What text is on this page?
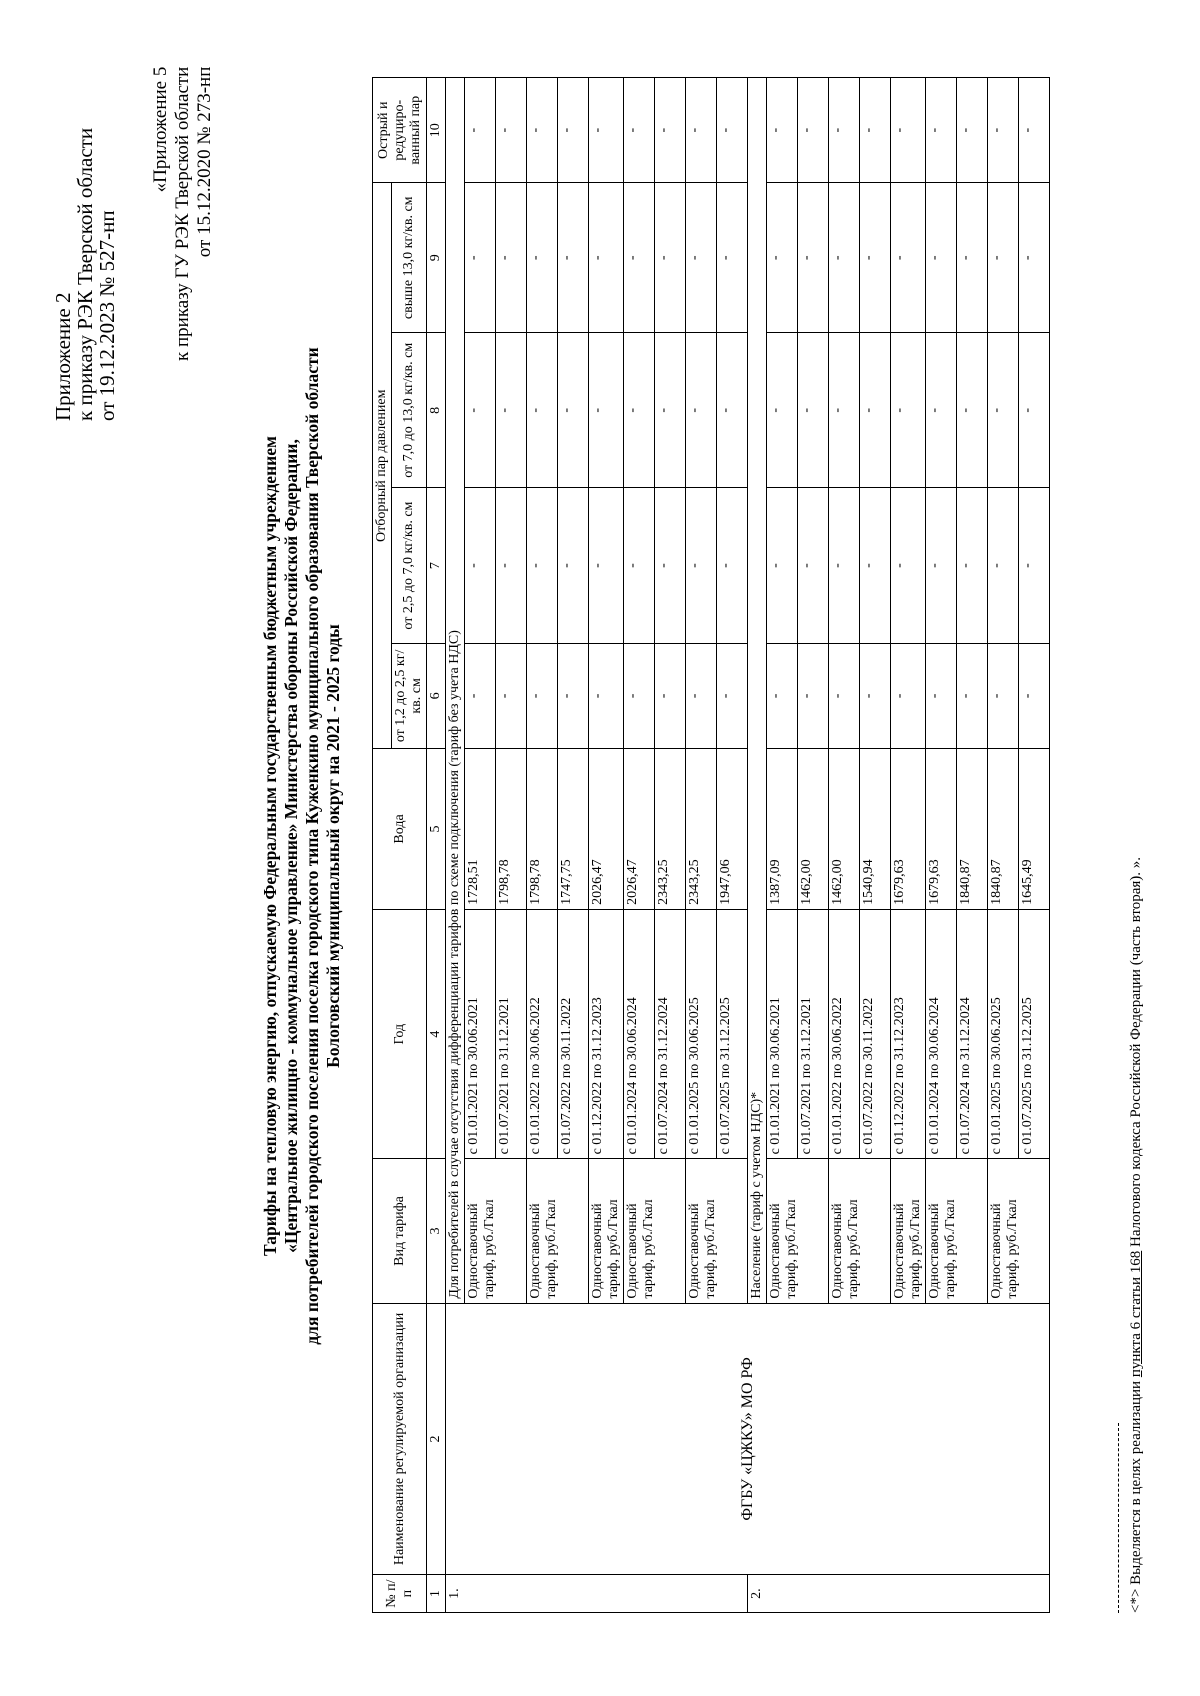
Приложение 2
к приказу РЭК Тверской области
от 19.12.2023 № 527-нп
«Приложение 5 к приказу ГУ РЭК Тверской области от 15.12.2020 № 273-нп
Тарифы на тепловую энергию, отпускаемую Федеральным государственным бюджетным учреждением «Центральное жилищно - коммунальное управление» Министерства обороны Российской Федерации, для потребителей городского поселения поселка городского типа Куженкино муниципального образования Тверской области Бологовский муниципальный округ на 2021 - 2025 годы
№ п/ п	Наименование регулируемой организации	Вид тарифа	Год	Вода	Отборный пар давлением				Острый и редуциро-ванный пар
					от 1,2 до 2,5 кг/кв. см	от 2,5 до 7,0 кг/кв. см	от 7,0 до 13,0 кг/кв. см	свыше 13,0 кг/кв. см	
1	2	3	4	5	6	7	8	9	10
1.	ФГБУ «ЦЖКУ» МО РФ	Для потребителей в случае отсутствия дифференциации тарифов по схеме подключения (тариф без учета НДС)							
		Одноставочный тариф, руб./Гкал	с 01.01.2021 по 30.06.2021	1728,51	-	-	-	-	-
			с 01.07.2021 по 31.12.2021	1798,78	-	-	-	-	-
		Одноставочный тариф, руб./Гкал	с 01.01.2022 по 30.06.2022	1798,78	-	-	-	-	-
			с 01.07.2022 по 30.11.2022	1747,75	-	-	-	-	-
		Одноставочный тариф, руб./Гкал	с 01.12.2022 по 31.12.2023	2026,47	-	-	-	-	-
		Одноставочный тариф, руб./Гкал	с 01.01.2024 по 30.06.2024	2026,47	-	-	-	-	-
			с 01.07.2024 по 31.12.2024	2343,25	-	-	-	-	-
		Одноставочный тариф, руб./Гкал	с 01.01.2025 по 30.06.2025	2343,25	-	-	-	-	-
			с 01.07.2025 по 31.12.2025	1947,06	-	-	-	-	-
2.		Население (тариф с учетом НДС)*							
		Одноставочный тариф, руб./Гкал	с 01.01.2021 по 30.06.2021	1387,09	-	-	-	-	-
			с 01.07.2021 по 31.12.2021	1462,00	-	-	-	-	-
		Одноставочный тариф, руб./Гкал	с 01.01.2022 по 30.06.2022	1462,00	-	-	-	-	-
			с 01.07.2022 по 30.11.2022	1540,94	-	-	-	-	-
		Одноставочный тариф, руб./Гкал	с 01.12.2022 по 31.12.2023	1679,63	-	-	-	-	-
		Одноставочный тариф, руб./Гкал	с 01.01.2024 по 30.06.2024	1679,63	-	-	-	-	-
			с 01.07.2024 по 31.12.2024	1840,87	-	-	-	-	-
		Одноставочный тариф, руб./Гкал	с 01.01.2025 по 30.06.2025	1840,87	-	-	-	-	-
			с 01.07.2025 по 31.12.2025	1645,49	-	-	-	-	-
<*> Выделяется в целях реализации пункта 6 статьи 168 Налогового кодекса Российской Федерации (часть вторая). ».
